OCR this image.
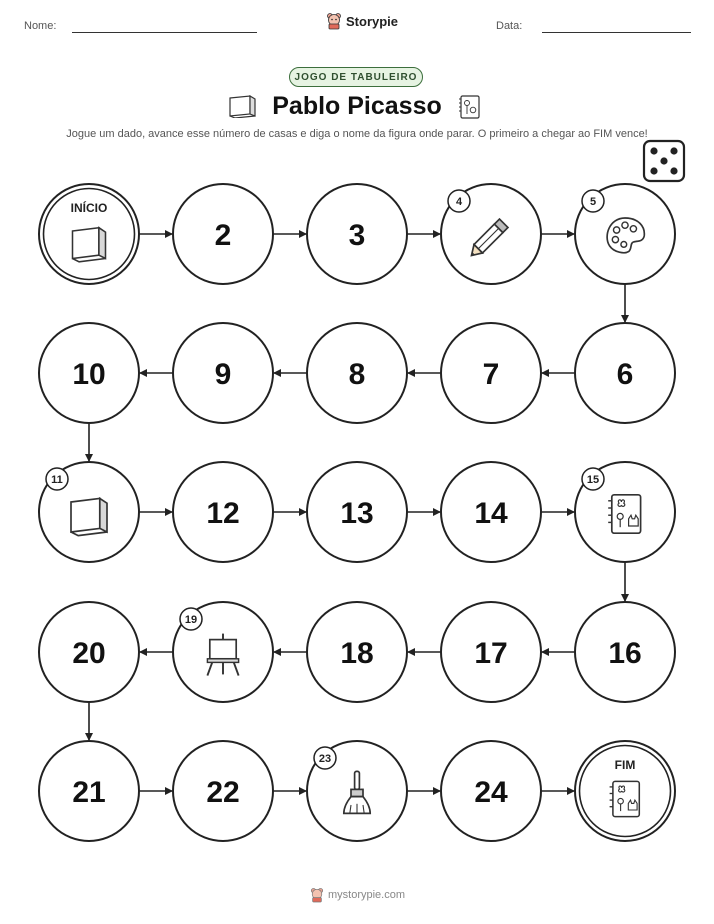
Nome:	Storypie	Data:
JOGO DE TABULEIRO
Pablo Picasso
Jogue um dado, avance esse número de casas e diga o nome da figura onde parar. O primeiro a chegar ao FIM vence!
INÍCIO
2	3
4	5
6
7
8
9
10
11
12	13	14
15
16
17
18
19
20
21	22
23
24
FIM
mystorypie.com
